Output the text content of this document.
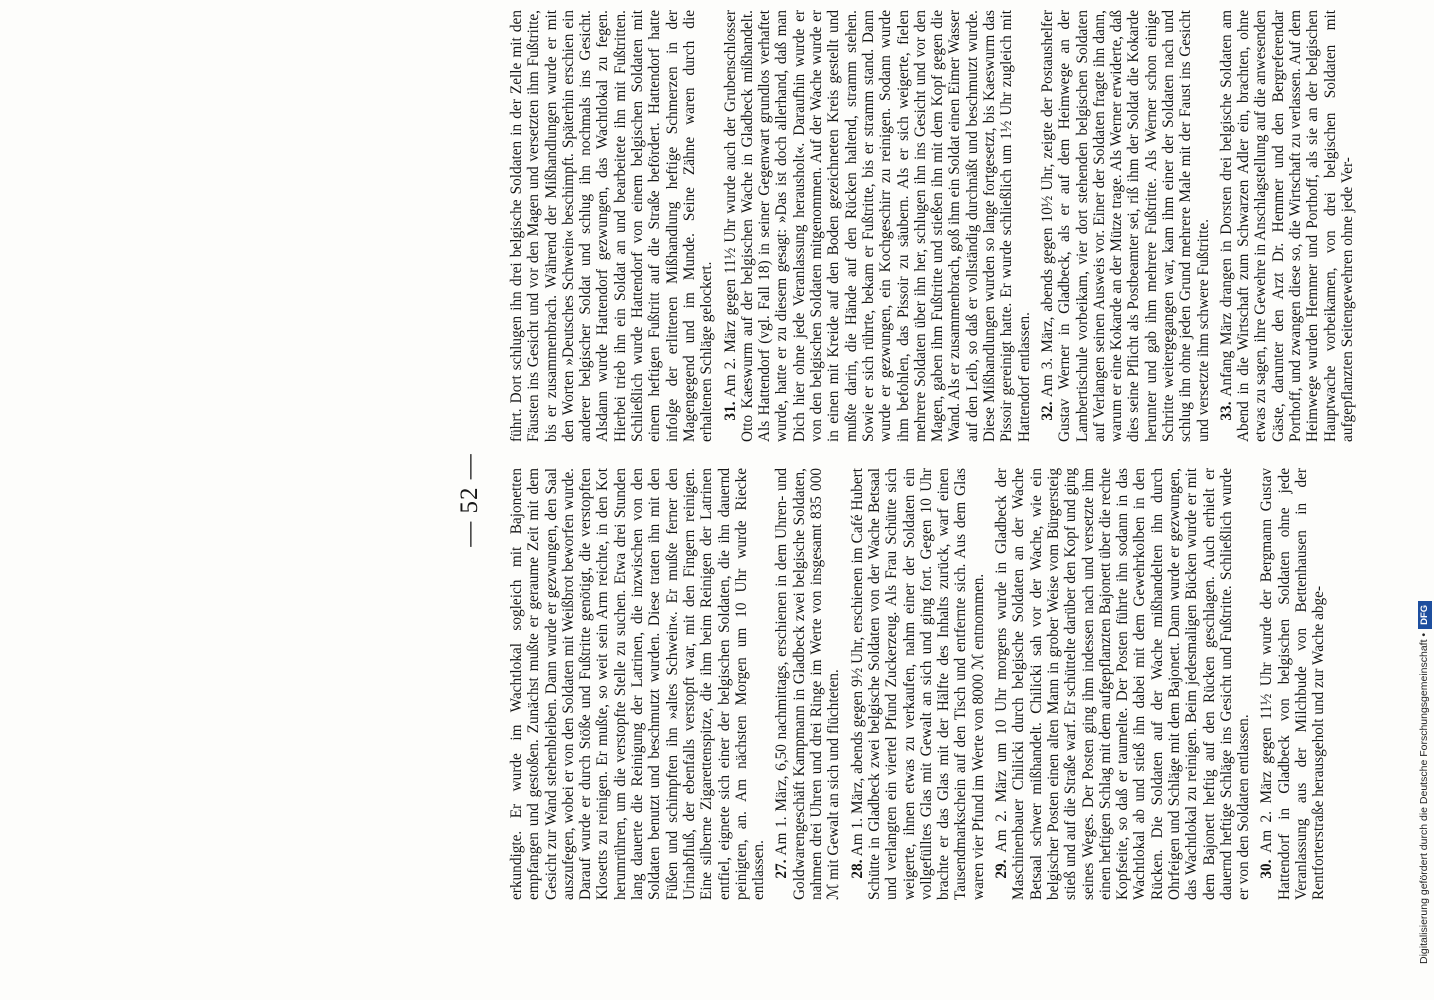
— 52 — erkundigte. Er wurde im Wachtlokal sogleich mit Bajonetten empfangen und gestoßen. Zunächst mußte er geraume Zeit mit dem Gesicht zur Wand stehenbleiben. Dann wurde er gezwungen, den Saal auszufegen, wobei er von den Soldaten mit Weißbrot beworfen wurde. Darauf wurde er durch Stöße und Fußtritte genötigt, die verstopften Klosetts zu reinigen. Er mußte, so weit sein Arm reichte, in den Kot herumrühren, um die verstopfte Stelle zu suchen. Etwa drei Stunden lang dauerte die Reinigung der Latrinen, die inzwischen von den Soldaten benutzt und beschmutzt wurden. Diese traten ihn mit den Füßen und schimpften ihn »altes Schwein«. Er mußte ferner den Urinabfluß, der ebenfalls verstopft war, mit den Fingern reinigen. Eine silberne Zigarettenspitze, die ihm beim Reinigen der Latrinen entfiel, eignete sich einer der belgischen Soldaten, die ihn dauernd peinigten, an. Am nächsten Morgen um 10 Uhr wurde Riecke entlassen. 27. Am 1. März, 6,50 nachmittags, erschienen in dem Uhren- und Goldwarengeschäft Kampmann in Gladbeck zwei belgische Soldaten, nahmen drei Uhren und drei Ringe im Werte von insgesamt 835 000 ℳ mit Gewalt an sich und flüchteten. 28. Am 1. März, abends gegen 9½ Uhr, erschienen im Café Hubert Schütte in Gladbeck zwei belgische Soldaten von der Wache Betsaal und verlangten ein viertel Pfund Zuckerzeug. Als Frau Schütte sich weigerte, ihnen etwas zu verkaufen, nahm einer der Soldaten ein vollgefülltes Glas mit Gewalt an sich und ging fort. Gegen 10 Uhr brachte er das Glas mit der Hälfte des Inhalts zurück, warf einen Tausendmarkschein auf den Tisch und entfernte sich. Aus dem Glas waren vier Pfund im Werte von 8000 ℳ entnommen. 29. Am 2. März um 10 Uhr morgens wurde in Gladbeck der Maschinenbauer Chilicki durch belgische Soldaten an der Wache Betsaal schwer mißhandelt. Chilicki sah vor der Wache, wie ein belgischer Posten einen alten Mann in grober Weise vom Bürgersteig stieß und auf die Straße warf. Er schüttelte darüber den Kopf und ging seines Weges. Der Posten ging ihm indessen nach und versetzte ihm einen heftigen Schlag mit dem aufgepflanzten Bajonett über die rechte Kopfseite, so daß er taumelte. Der Posten führte ihn sodann in das Wachtlokal ab und stieß ihn dabei mit dem Gewehrkolben in den Rücken. Die Soldaten auf der Wache mißhandelten ihn durch Ohrfeigen und Schläge mit dem Bajonett. Dann wurde er gezwungen, das Wachtlokal zu reinigen. Beim jedesmaligen Bücken wurde er mit dem Bajonett heftig auf den Rücken geschlagen. Auch erhielt er dauernd heftige Schläge ins Gesicht und Fußtritte. Schließlich wurde er von den Soldaten entlassen. 30. Am 2. März gegen 11½ Uhr wurde der Bergmann Gustav Hattendorf in Gladbeck von belgischen Soldaten ohne jede Veranlassung aus der Milchbude von Bettenhausen in der Rentforterstraße herausgeholt und zur Wache abge-

führt. Dort schlugen ihn drei belgische Soldaten in der Zelle mit den Fäusten ins Gesicht und vor den Magen und versetzten ihm Fußtritte, bis er zusammenbrach. Während der Mißhandlungen wurde er mit den Worten »Deutsches Schwein« beschimpft. Späterhin erschien ein anderer belgischer Soldat und schlug ihn nochmals ins Gesicht. Alsdann wurde Hattendorf gezwungen, das Wachtlokal zu fegen. Hierbei trieb ihn ein Soldat an und bearbeitete ihn mit Fußtritten. Schließlich wurde Hattendorf von einem belgischen Soldaten mit einem heftigen Fußtritt auf die Straße befördert. Hattendorf hatte infolge der erlittenen Mißhandlung heftige Schmerzen in der Magengegend und im Munde. Seine Zähne waren durch die erhaltenen Schläge gelockert. 31. Am 2. März gegen 11½ Uhr wurde auch der Grubenschlosser Otto Kaeswurm auf der belgischen Wache in Gladbeck mißhandelt. Als Hattendorf (vgl. Fall 18) in seiner Gegenwart grundlos verhaftet wurde, hatte er zu diesem gesagt: »Das ist doch allerhand, daß man Dich hier ohne jede Veranlassung herausholt«. Daraufhin wurde er von den belgischen Soldaten mitgenommen. Auf der Wache wurde er in einen mit Kreide auf den Boden gezeichneten Kreis gestellt und mußte darin, die Hände auf den Rücken haltend, stramm stehen. Sowie er sich rührte, bekam er Fußtritte, bis er stramm stand. Dann wurde er gezwungen, ein Kochgeschirr zu reinigen. Sodann wurde ihm befohlen, das Pissoir zu säubern. Als er sich weigerte, fielen mehrere Soldaten über ihn her, schlugen ihn ins Gesicht und vor den Magen, gaben ihm Fußtritte und stießen ihn mit dem Kopf gegen die Wand. Als er zusammenbrach, goß ihm ein Soldat einen Eimer Wasser auf den Leib, so daß er vollständig durchnäßt und beschmutzt wurde. Diese Mißhandlungen wurden so lange fortgesetzt, bis Kaeswurm das Pissoir gereinigt hatte. Er wurde schließlich um 1½ Uhr zugleich mit Hattendorf entlassen. 32. Am 3. März, abends gegen 10½ Uhr, zeigte der Postaushelfer Gustav Werner in Gladbeck, als er auf dem Heimwege an der Lambertischule vorbeikam, vier dort stehenden belgischen Soldaten auf Verlangen seinen Ausweis vor. Einer der Soldaten fragte ihn dann, warum er eine Kokarde an der Mütze trage. Als Werner erwiderte, daß dies seine Pflicht als Postbeamter sei, riß ihm der Soldat die Kokarde herunter und gab ihm mehrere Fußtritte. Als Werner schon einige Schritte weitergegangen war, kam ihm einer der Soldaten nach und schlug ihn ohne jeden Grund mehrere Male mit der Faust ins Gesicht und versetzte ihm schwere Fußtritte. 33. Anfang März drangen in Dorsten drei belgische Soldaten am Abend in die Wirtschaft zum Schwarzen Adler ein, brachten, ohne etwas zu sagen, ihre Gewehre in Anschlagstellung auf die anwesenden Gäste, darunter den Arzt Dr. Hemmer und den Bergreferendar Porthoff, und zwangen diese so, die Wirtschaft zu verlassen. Auf dem Heimwege wurden Hemmer und Porthoff, als sie an der belgischen Hauptwache vorbeikamen, von drei belgischen Soldaten mit aufgepflanzten Seitengewehren ohne jede Ver-

Digitalisierung gefördert durch die Deutsche Forschungsgemeinschaft •DFG
